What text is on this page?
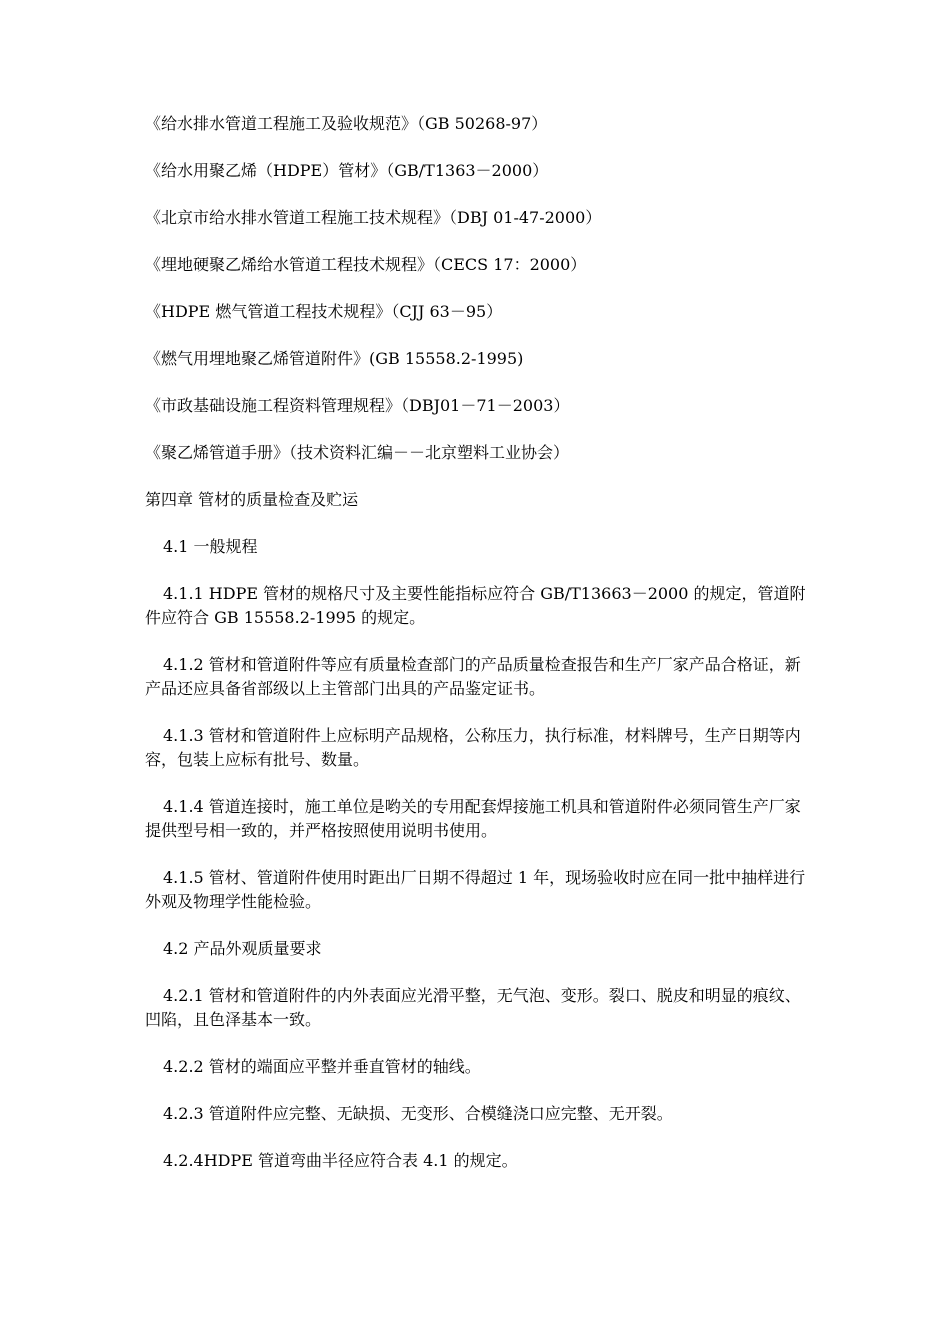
《给水排水管道工程施工及验收规范》（GB 50268-97）

《给水用聚乙烯（HDPE）管材》（GB/T1363－2000）

《北京市给水排水管道工程施工技术规程》（DBJ 01-47-2000）

《埋地硬聚乙烯给水管道工程技术规程》（CECS 17：2000）

《HDPE 燃气管道工程技术规程》（CJJ 63－95）

《燃气用埋地聚乙烯管道附件》(GB 15558.2-1995)

《市政基础设施工程资料管理规程》（DBJ01－71－2003）

《聚乙烯管道手册》（技术资料汇编－－北京塑料工业协会）

第四章 管材的质量检查及贮运

4.1 一般规程

4.1.1 HDPE 管材的规格尺寸及主要性能指标应符合 GB/T13663－2000 的规定，管道附件应符合 GB 15558.2-1995 的规定。

4.1.2 管材和管道附件等应有质量检查部门的产品质量检查报告和生产厂家产品合格证，新产品还应具备省部级以上主管部门出具的产品鉴定证书。

4.1.3 管材和管道附件上应标明产品规格，公称压力，执行标准，材料牌号，生产日期等内容，包装上应标有批号、数量。

4.1.4 管道连接时，施工单位是哟关的专用配套焊接施工机具和管道附件必须同管生产厂家提供型号相一致的，并严格按照使用说明书使用。

4.1.5 管材、管道附件使用时距出厂日期不得超过 1 年，现场验收时应在同一批中抽样进行外观及物理学性能检验。

4.2 产品外观质量要求

4.2.1 管材和管道附件的内外表面应光滑平整，无气泡、变形。裂口、脱皮和明显的痕纹、凹陷，且色泽基本一致。

4.2.2 管材的端面应平整并垂直管材的轴线。

4.2.3 管道附件应完整、无缺损、无变形、合模缝浇口应完整、无开裂。

4.2.4HDPE 管道弯曲半径应符合表 4.1 的规定。
